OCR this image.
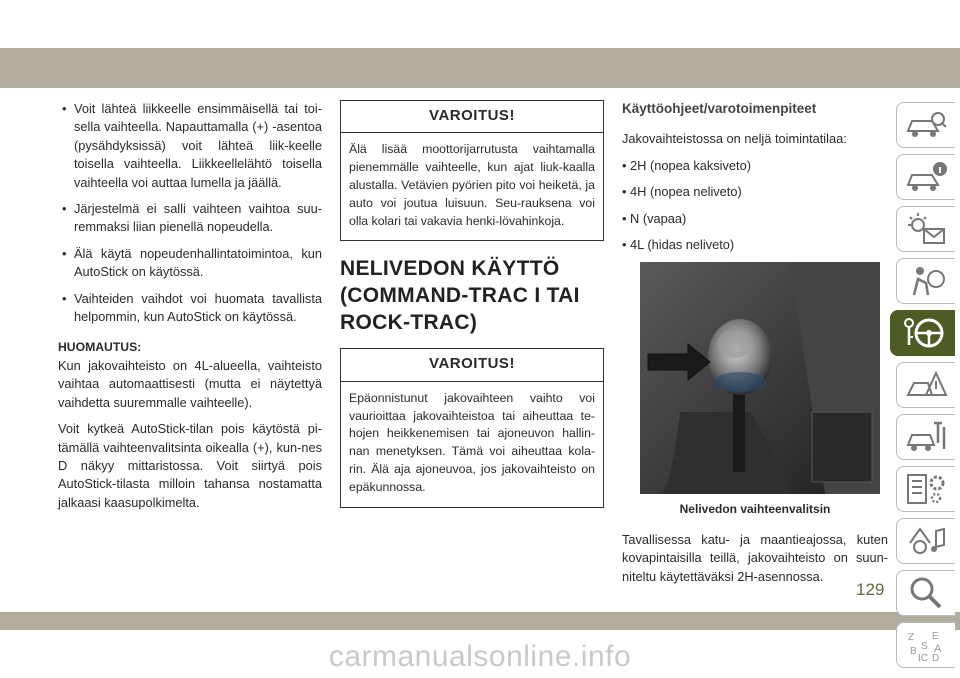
• Voit lähteä liikkeelle ensimmäisellä tai toi-sella vaihteella. Napauttamalla (+) -asentoa (pysähdyksissä) voit lähteä liik-keelle toisella vaihteella. Liikkeellelähtö toisella vaihteella voi auttaa lumella ja jäällä.

• Järjestelmä ei salli vaihteen vaihtoa suu-remmaksi liian pienellä nopeudella.

• Älä käytä nopeudenhallintatoimintoa, kun AutoStick on käytössä.

• Vaihteiden vaihdot voi huomata tavallista helpommin, kun AutoStick on käytössä.

HUOMAUTUS:

Kun jakovaihteisto on 4L-alueella, vaihteisto vaihtaa automaattisesti (mutta ei näytettyä vaihdetta suuremmalle vaihteelle).

Voit kytkeä AutoStick-tilan pois käytöstä pi-tämällä vaihteenvalitsinta oikealla (+), kun-nes D näkyy mittaristossa. Voit siirtyä pois AutoStick-tilasta milloin tahansa nostamatta jalkaasi kaasupolkimelta.

VAROITUS!
Älä lisää moottorijarrutusta vaihtamalla pienemmälle vaihteelle, kun ajat liuk-kaalla alustalla. Vetävien pyörien pito voi heiketä, ja auto voi joutua luisuun. Seu-rauksena voi olla kolari tai vakavia henki-lövahinkoja.
NELIVEDON KÄYTTÖ
(COMMAND-TRAC I TAI
ROCK-TRAC)
VAROITUS!
Epäonnistunut jakovaihteen vaihto voi vaurioittaa jakovaihteistoa tai aiheuttaa te-hojen heikkenemisen tai ajoneuvon hallin-nan menetyksen. Tämä voi aiheuttaa kola-rin. Älä aja ajoneuvoa, jos jakovaihteisto on epäkunnossa.
Käyttöohjeet/varotoimenpiteet

Jakovaihteistossa on neljä toimintatilaa:

• 2H (nopea kaksiveto)

• 4H (nopea neliveto)

• N (vapaa)

• 4L (hidas neliveto)

Nelivedon vaihteenvalitsin

Tavallisessa katu- ja maantieajossa, kuten kovapintaisilla teillä, jakovaihteisto on suun-niteltu käytettäväksi 2H-asennossa.

Z E
B A
S
IC D
129
carmanualsonline.info
